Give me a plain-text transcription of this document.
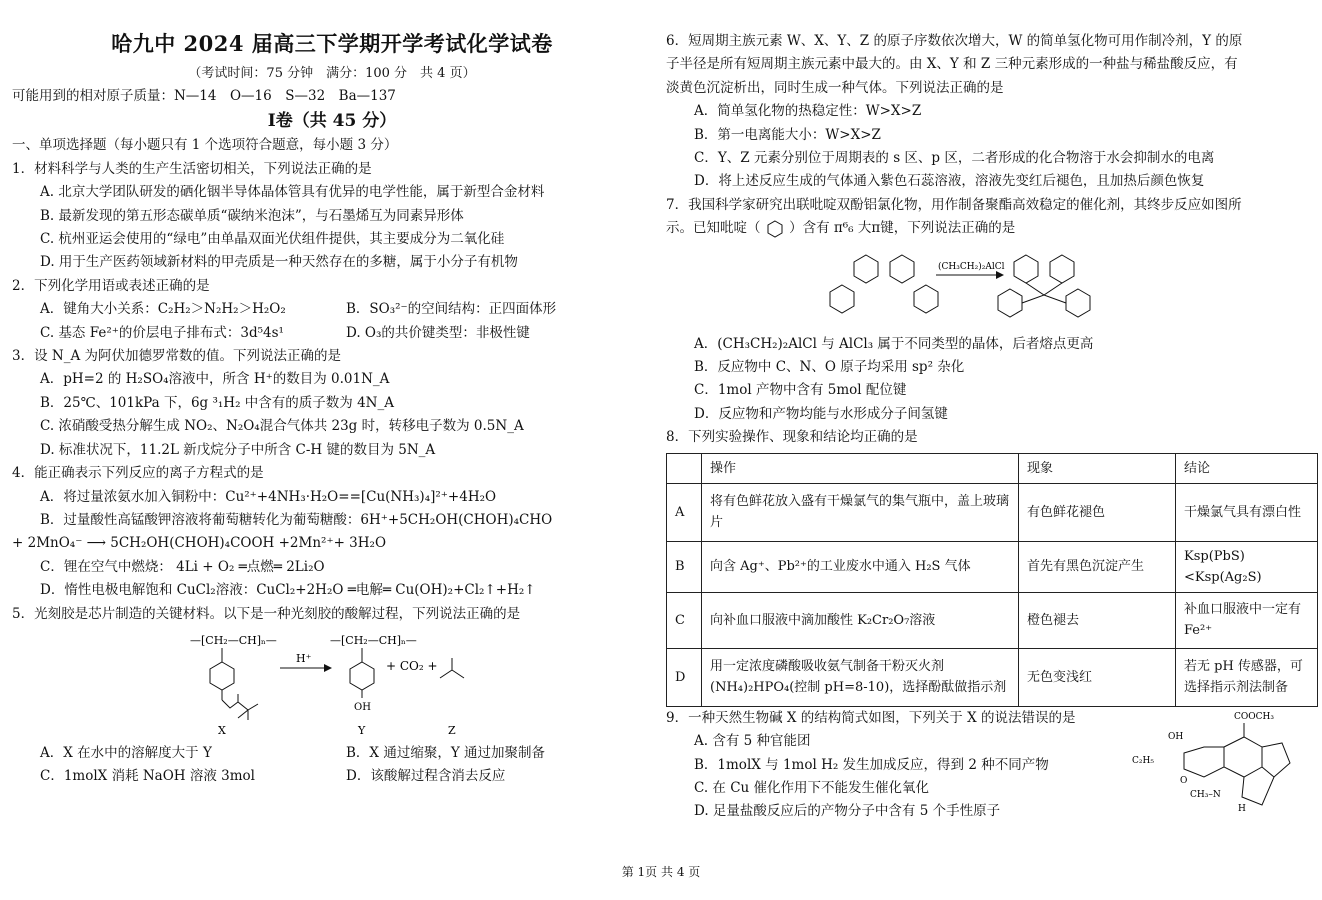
哈九中 2024 届高三下学期开学考试化学试卷
（考试时间：75 分钟　满分：100 分　共 4 页）
可能用到的相对原子质量：N—14　O—16　S—32　Ba—137
Ⅰ卷（共 45 分）
一、单项选择题（每小题只有 1 个选项符合题意，每小题 3 分）
1．材料科学与人类的生产生活密切相关，下列说法正确的是
A. 北京大学团队研发的硒化铟半导体晶体管具有优异的电学性能，属于新型合金材料
B. 最新发现的第五形态碳单质“碳纳米泡沫”，与石墨烯互为同素异形体
C. 杭州亚运会使用的“绿电”由单晶双面光伏组件提供，其主要成分为二氧化硅
D. 用于生产医药领域新材料的甲壳质是一种天然存在的多糖，属于小分子有机物
2．下列化学用语或表述正确的是
A．键角大小关系：C₂H₂＞N₂H₂＞H₂O₂	B．SO₃²⁻的空间结构：正四面体形
C. 基态 Fe²⁺的价层电子排布式：3d⁵4s¹	D. O₃的共价键类型：非极性键
3．设 N_A 为阿伏加德罗常数的值。下列说法正确的是
A．pH=2 的 H₂SO₄溶液中，所含 H⁺的数目为 0.01N_A
B．25℃、101kPa 下，6g ³₁H₂ 中含有的质子数为 4N_A
C. 浓硝酸受热分解生成 NO₂、N₂O₄混合气体共 23g 时，转移电子数为 0.5N_A
D. 标准状况下，11.2L 新戊烷分子中所含 C-H 键的数目为 5N_A
4．能正确表示下列反应的离子方程式的是
A．将过量浓氨水加入铜粉中：Cu²⁺+4NH₃·H₂O==[Cu(NH₃)₄]²⁺+4H₂O
B．过量酸性高锰酸钾溶液将葡萄糖转化为葡萄糖酸：6H⁺+5CH₂OH(CHOH)₄CHO
+ 2MnO₄⁻ ⟶ 5CH₂OH(CHOH)₄COOH +2Mn²⁺+ 3H₂O
C．锂在空气中燃烧： 4Li + O₂ ═点燃═ 2Li₂O
D．惰性电极电解饱和 CuCl₂溶液：CuCl₂+2H₂O ═电解═ Cu(OH)₂+Cl₂↑+H₂↑
5．光刻胶是芯片制造的关键材料。以下是一种光刻胶的酸解过程，下列说法正确的是
—[CH₂—CH]ₙ—
X
H⁺
—[CH₂—CH]ₙ—
OH
Y
+ CO₂ +
Z
A．X 在水中的溶解度大于 Y	B．X 通过缩聚，Y 通过加聚制备
C．1molX 消耗 NaOH 溶液 3mol	D．该酸解过程含消去反应
6．短周期主族元素 W、X、Y、Z 的原子序数依次增大，W 的简单氢化物可用作制冷剂，Y 的原
子半径是所有短周期主族元素中最大的。由 X、Y 和 Z 三种元素形成的一种盐与稀盐酸反应，有
淡黄色沉淀析出，同时生成一种气体。下列说法正确的是
A．简单氢化物的热稳定性：W>X>Z
B．第一电离能大小：W>X>Z
C．Y、Z 元素分别位于周期表的 s 区、p 区，二者形成的化合物溶于水会抑制水的电离
D．将上述反应生成的气体通入紫色石蕊溶液，溶液先变红后褪色，且加热后颜色恢复
7．我国科学家研究出联吡啶双酚铝氯化物，用作制备聚酯高效稳定的催化剂，其终步反应如图所
示。已知吡啶（ ）含有 π⁶₆ 大π键，下列说法正确的是
(CH₃CH₂)₂AlCl
A．(CH₃CH₂)₂AlCl 与 AlCl₃ 属于不同类型的晶体，后者熔点更高
B．反应物中 C、N、O 原子均采用 sp² 杂化
C．1mol 产物中含有 5mol 配位键
D．反应物和产物均能与水形成分子间氢键
8．下列实验操作、现象和结论均正确的是
	操作	现象	结论
A	将有色鲜花放入盛有干燥氯气的集气瓶中，盖上玻璃片	有色鲜花褪色	干燥氯气具有漂白性
B	向含 Ag⁺、Pb²⁺的工业废水中通入 H₂S 气体	首先有黑色沉淀产生	Ksp(PbS)<Ksp(Ag₂S)
C	向补血口服液中滴加酸性 K₂Cr₂O₇溶液	橙色褪去	补血口服液中一定有 Fe²⁺
D	用一定浓度磷酸吸收氨气制备干粉灭火剂 (NH₄)₂HPO₄(控制 pH=8-10)，选择酚酞做指示剂	无色变浅红	若无 pH 传感器，可选择指示剂法制备
9．一种天然生物碱 X 的结构简式如图，下列关于 X 的说法错误的是
A. 含有 5 种官能团
B．1molX 与 1mol H₂ 发生加成反应，得到 2 种不同产物
C. 在 Cu 催化作用下不能发生催化氧化
D. 足量盐酸反应后的产物分子中含有 5 个手性原子
COOCH₃
OH
C₂H₅
O
CH₃–N
H
第 1页 共 4 页
